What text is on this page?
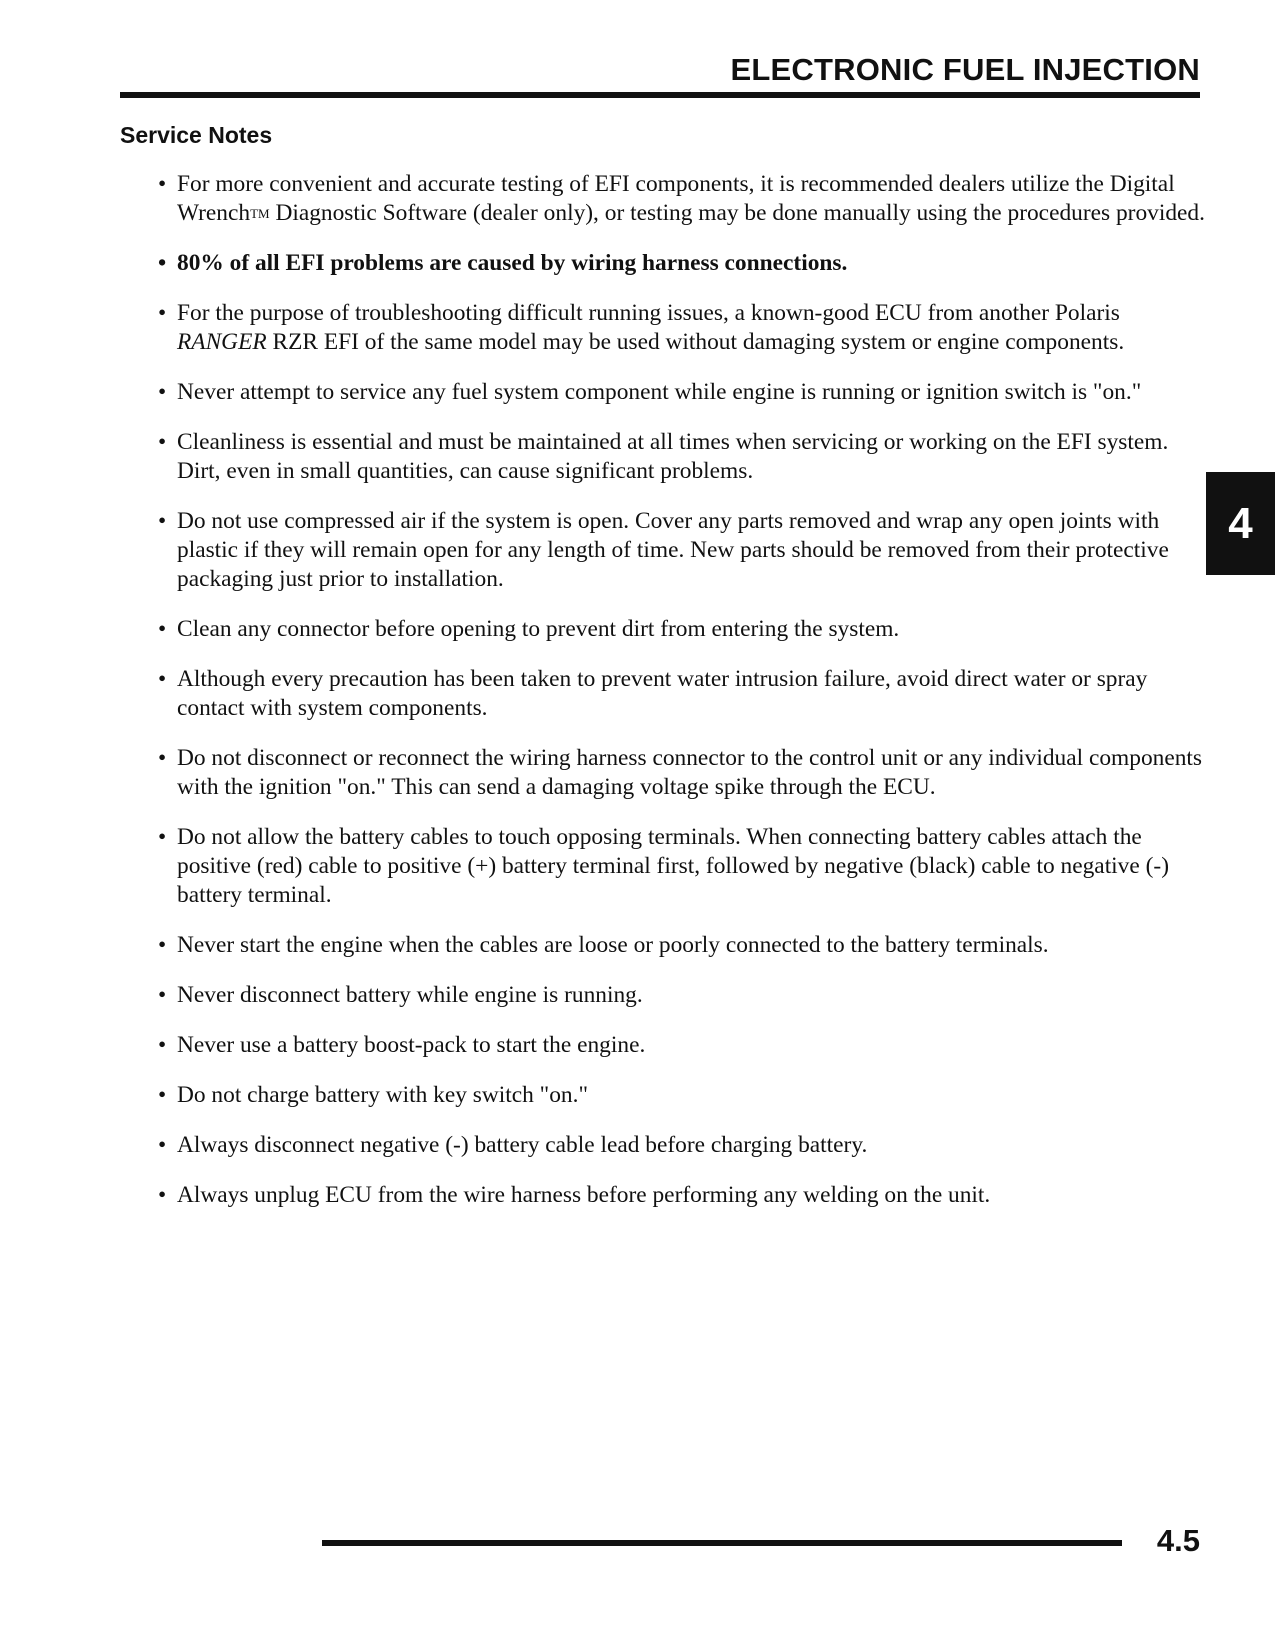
ELECTRONIC FUEL INJECTION
Service Notes
• For more convenient and accurate testing of EFI components, it is recommended dealers utilize the Digital WrenchTM Diagnostic Software (dealer only), or testing may be done manually using the procedures provided.
• 80% of all EFI problems are caused by wiring harness connections.
• For the purpose of troubleshooting difficult running issues, a known-good ECU from another Polaris RANGER RZR EFI of the same model may be used without damaging system or engine components.
• Never attempt to service any fuel system component while engine is running or ignition switch is "on."
• Cleanliness is essential and must be maintained at all times when servicing or working on the EFI system. Dirt, even in small quantities, can cause significant problems.
• Do not use compressed air if the system is open. Cover any parts removed and wrap any open joints with plastic if they will remain open for any length of time. New parts should be removed from their protective packaging just prior to installation.
• Clean any connector before opening to prevent dirt from entering the system.
• Although every precaution has been taken to prevent water intrusion failure, avoid direct water or spray contact with system components.
• Do not disconnect or reconnect the wiring harness connector to the control unit or any individual components with the ignition "on." This can send a damaging voltage spike through the ECU.
• Do not allow the battery cables to touch opposing terminals. When connecting battery cables attach the positive (red) cable to positive (+) battery terminal first, followed by negative (black) cable to negative (-) battery terminal.
• Never start the engine when the cables are loose or poorly connected to the battery terminals.
• Never disconnect battery while engine is running.
• Never use a battery boost-pack to start the engine.
• Do not charge battery with key switch "on."
• Always disconnect negative (-) battery cable lead before charging battery.
• Always unplug ECU from the wire harness before performing any welding on the unit.
4
4.5
